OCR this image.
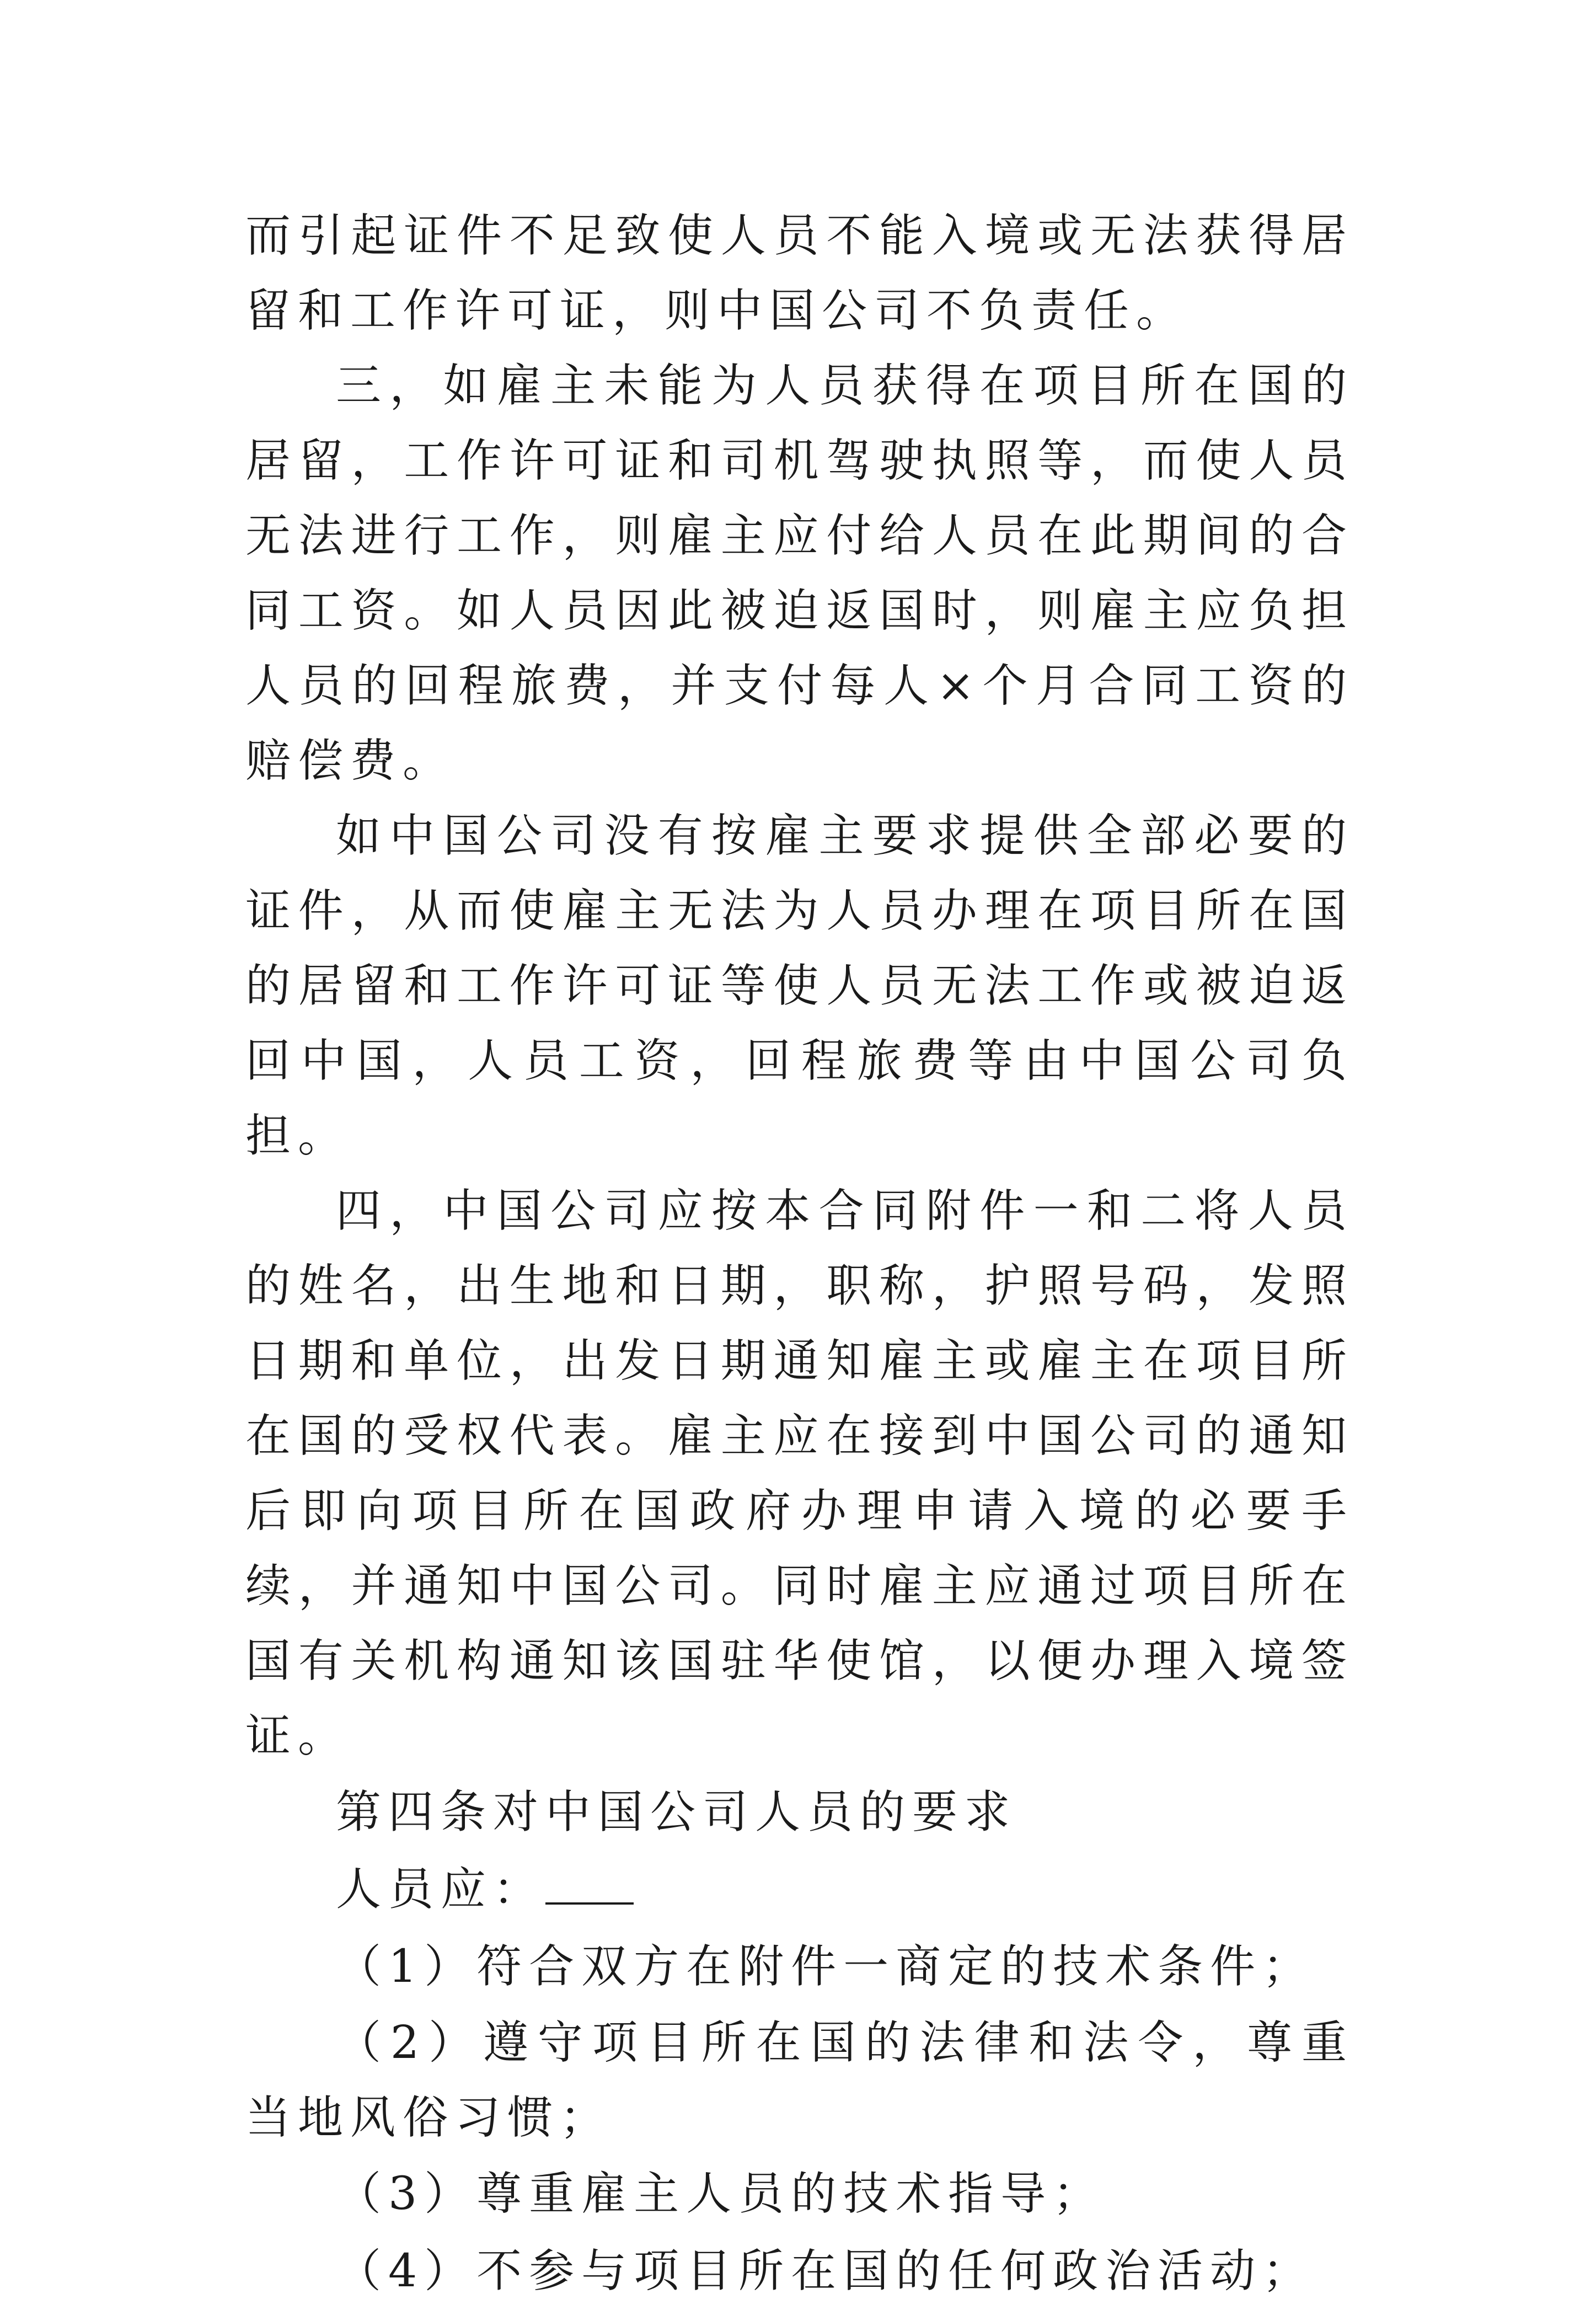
而引起证件不足致使人员不能入境或无法获得居留和工作许可证，则中国公司不负责任。

三，如雇主未能为人员获得在项目所在国的居留，工作许可证和司机驾驶执照等，而使人员无法进行工作，则雇主应付给人员在此期间的合同工资。如人员因此被迫返国时，则雇主应负担人员的回程旅费，并支付每人×个月合同工资的赔偿费。

如中国公司没有按雇主要求提供全部必要的证件，从而使雇主无法为人员办理在项目所在国的居留和工作许可证等使人员无法工作或被迫返回中国，人员工资，回程旅费等由中国公司负担。

四，中国公司应按本合同附件一和二将人员的姓名，出生地和日期，职称，护照号码，发照日期和单位，出发日期通知雇主或雇主在项目所在国的受权代表。雇主应在接到中国公司的通知后即向项目所在国政府办理申请入境的必要手续，并通知中国公司。同时雇主应通过项目所在国有关机构通知该国驻华使馆，以便办理入境签证。

第四条对中国公司人员的要求

人员应：

（1）符合双方在附件一商定的技术条件；

（2）遵守项目所在国的法律和法令，尊重当地风俗习惯；

（3）尊重雇主人员的技术指导；

（4）不参与项目所在国的任何政治活动；
